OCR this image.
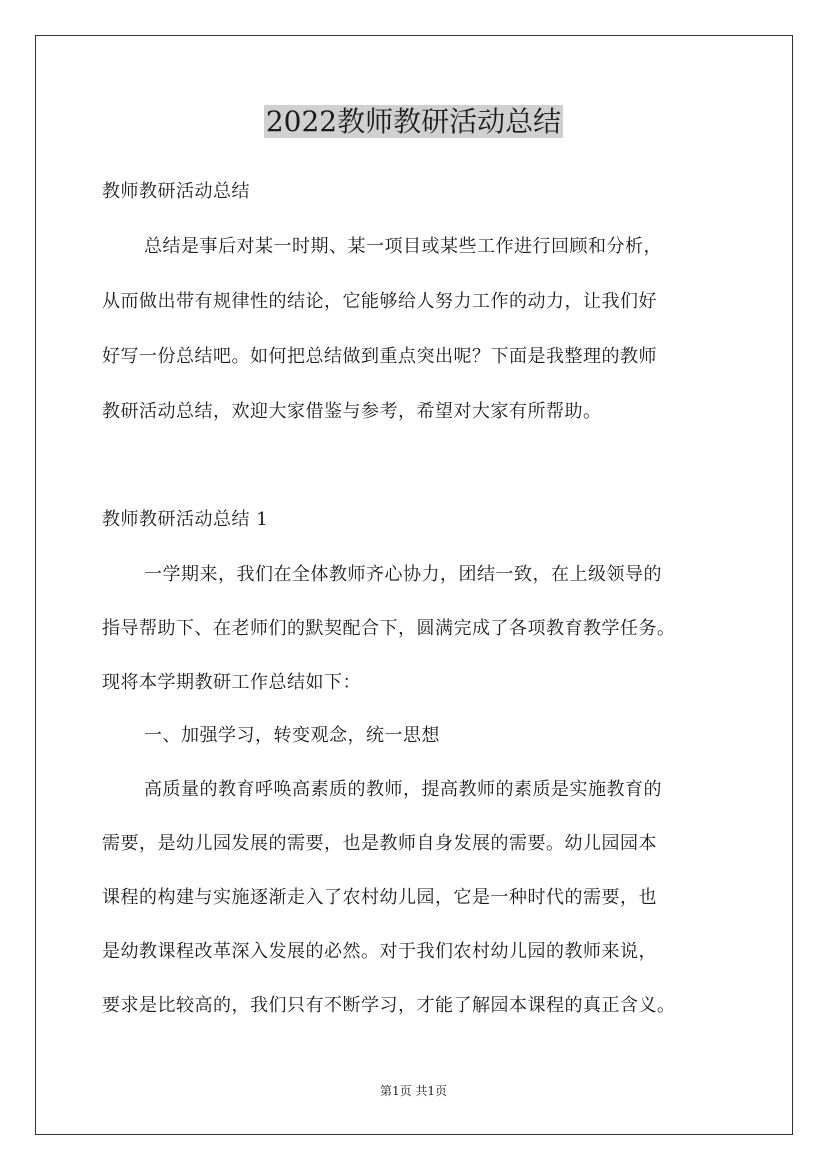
2022教师教研活动总结

教师教研活动总结

总结是事后对某一时期、某一项目或某些工作进行回顾和分析，

从而做出带有规律性的结论，它能够给人努力工作的动力，让我们好

好写一份总结吧。如何把总结做到重点突出呢？下面是我整理的教师

教研活动总结，欢迎大家借鉴与参考，希望对大家有所帮助。

教师教研活动总结 1

一学期来，我们在全体教师齐心协力，团结一致，在上级领导的

指导帮助下、在老师们的默契配合下，圆满完成了各项教育教学任务。

现将本学期教研工作总结如下：

一、加强学习，转变观念，统一思想

高质量的教育呼唤高素质的教师，提高教师的素质是实施教育的

需要，是幼儿园发展的需要，也是教师自身发展的需要。幼儿园园本

课程的构建与实施逐渐走入了农村幼儿园，它是一种时代的需要，也

是幼教课程改革深入发展的必然。对于我们农村幼儿园的教师来说，

要求是比较高的，我们只有不断学习，才能了解园本课程的真正含义。

第1页 共1页
